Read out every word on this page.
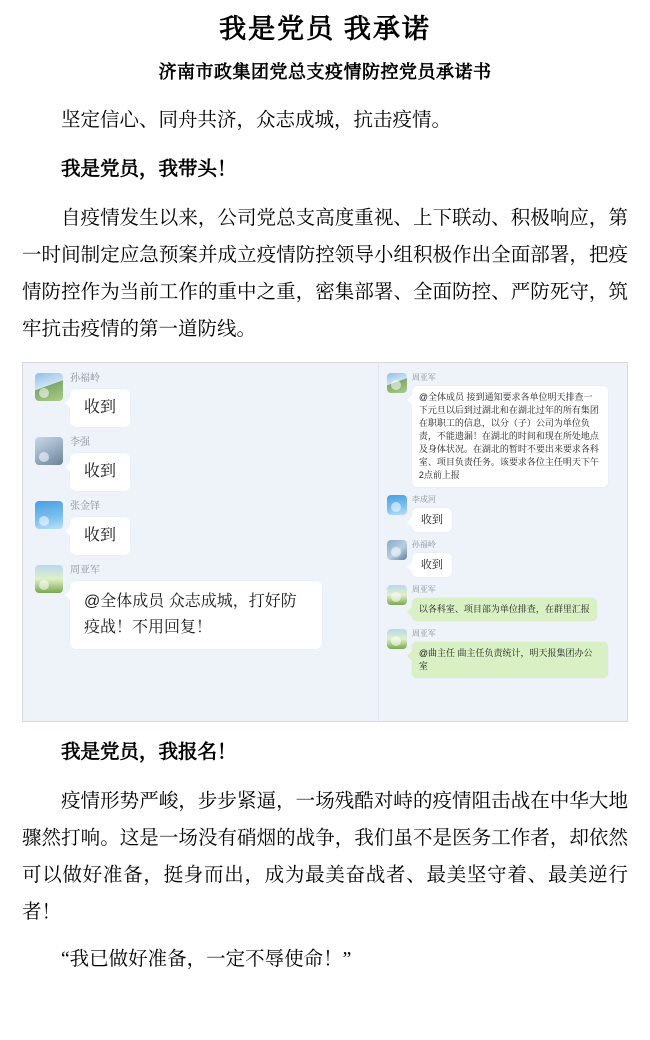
我是党员 我承诺
济南市政集团党总支疫情防控党员承诺书

坚定信心、同舟共济，众志成城，抗击疫情。

我是党员，我带头！

自疫情发生以来，公司党总支高度重视、上下联动、积极响应，第一时间制定应急预案并成立疫情防控领导小组积极作出全面部署，把疫情防控作为当前工作的重中之重，密集部署、全面防控、严防死守，筑牢抗击疫情的第一道防线。

孙福岭
收到
李强
收到
张金铎
收到
周亚军
@全体成员 众志成城，打好防疫战！不用回复！
周亚军
@全体成员 接到通知要求各单位明天排查一下元旦以后到过湖北和在湖北过年的所有集团在职职工的信息，以分（子）公司为单位负责，不能遗漏！在湖北的时间和现在所处地点及身体状况。在湖北的暂时不要出来要求各科室、项目负责任务。该要求各位主任明天下午2点前上报
李成河
收到
孙福岭
收到
周亚军
以各科室、项目部为单位排查，在群里汇报
周亚军
@曲主任 曲主任负责统计，明天报集团办公室

我是党员，我报名！

疫情形势严峻，步步紧逼，一场残酷对峙的疫情阻击战在中华大地骤然打响。这是一场没有硝烟的战争，我们虽不是医务工作者，却依然可以做好准备，挺身而出，成为最美奋战者、最美坚守着、最美逆行者！

“我已做好准备，一定不辱使命！”
